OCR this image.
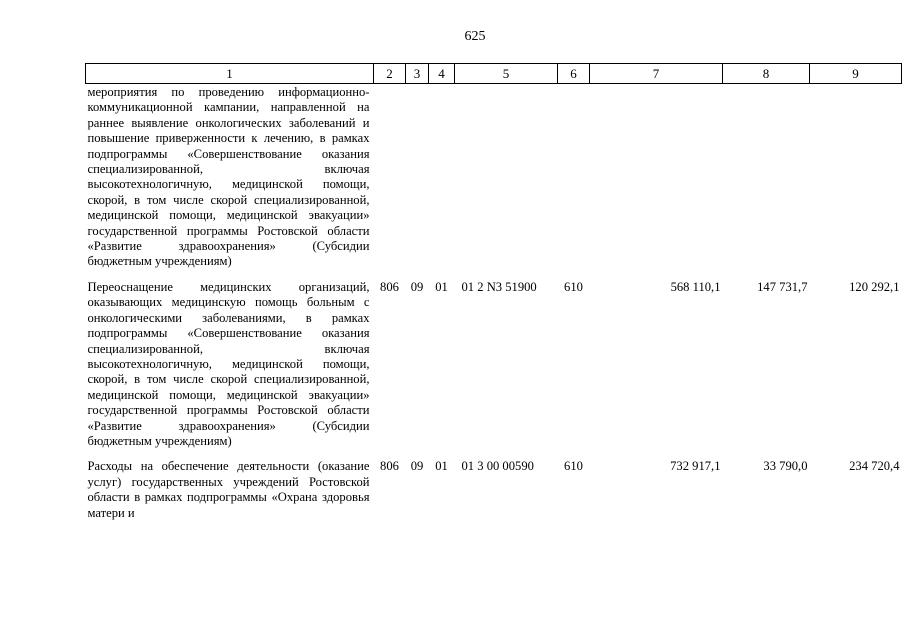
625
1	2	3	4	5	6	7	8	9
мероприятия по проведению информационно-коммуникационной кампании, направленной на раннее выявление онкологических заболеваний и повышение приверженности к лечению, в рамках подпрограммы «Совершенствование оказания специализированной, включая высокотехнологичную, медицинской помощи, скорой, в том числе скорой специализированной, медицинской помощи, медицинской эвакуации» государственной программы Ростовской области «Развитие здравоохранения» (Субсидии бюджетным учреждениям)								
Переоснащение медицинских организаций, оказывающих медицинскую помощь больным с онкологическими заболеваниями, в рамках подпрограммы «Совершенствование оказания специализированной, включая высокотехнологичную, медицинской помощи, скорой, в том числе скорой специализированной, медицинской помощи, медицинской эвакуации» государственной программы Ростовской области «Развитие здравоохранения» (Субсидии бюджетным учреждениям)	806	09	01	01 2 N3 51900	610	568 110,1	147 731,7	120 292,1
Расходы на обеспечение деятельности (оказание услуг) государственных учреждений Ростовской области в рамках подпрограммы «Охрана здоровья матери и	806	09	01	01 3 00 00590	610	732 917,1	33 790,0	234 720,4
